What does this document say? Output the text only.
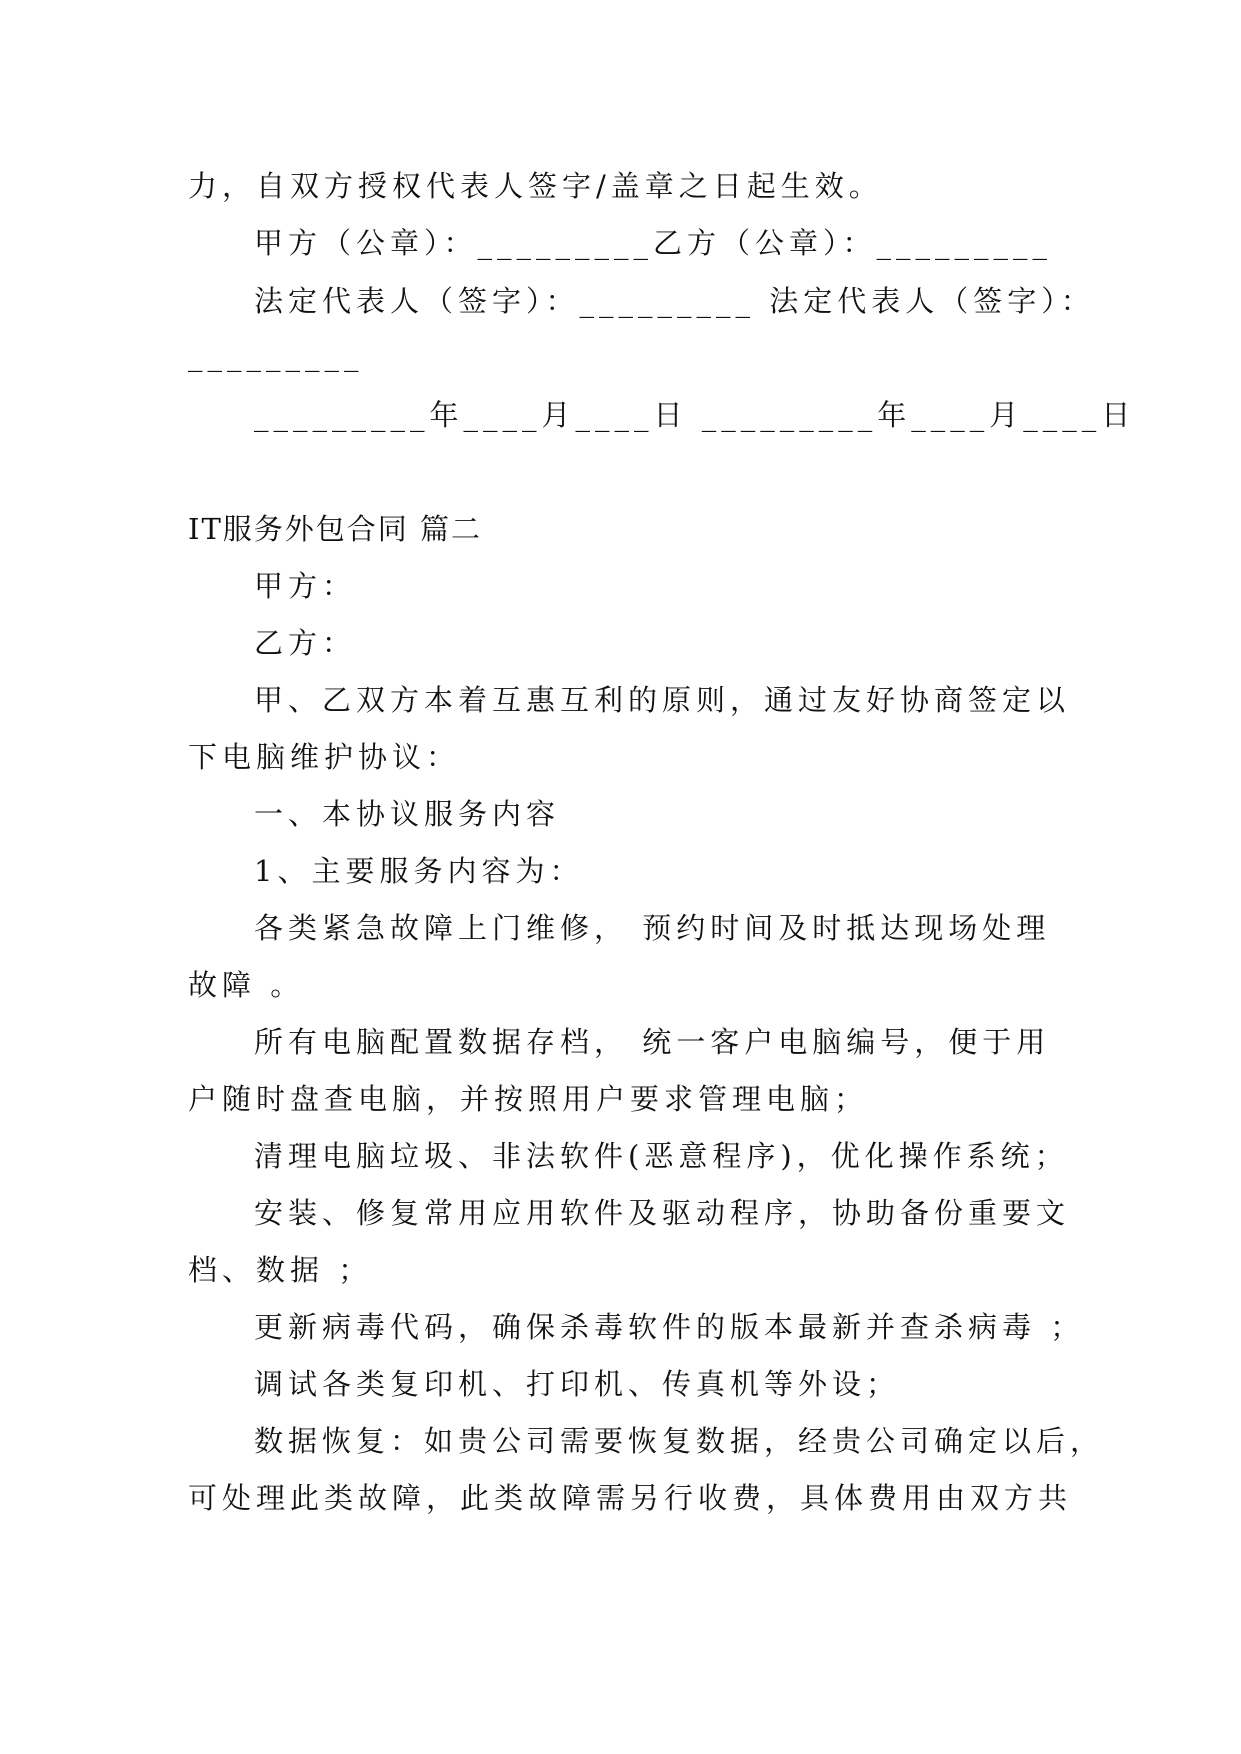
力，自双方授权代表人签字/盖章之日起生效。

甲方（公章）：_________乙方（公章）：_________

法定代表人（签字）：_________ 法定代表人（签字）：

_________

_________年____月____日 _________年____月____日

IT服务外包合同 篇二

甲方：

乙方：

甲、乙双方本着互惠互利的原则，通过友好协商签定以

下电脑维护协议：

一、本协议服务内容

1、主要服务内容为：

各类紧急故障上门维修， 预约时间及时抵达现场处理

故障 。

所有电脑配置数据存档， 统一客户电脑编号，便于用

户随时盘查电脑，并按照用户要求管理电脑；

清理电脑垃圾、非法软件(恶意程序)，优化操作系统；

安装、修复常用应用软件及驱动程序，协助备份重要文

档、数据 ；

更新病毒代码，确保杀毒软件的版本最新并查杀病毒 ；

调试各类复印机、打印机、传真机等外设；

数据恢复：如贵公司需要恢复数据，经贵公司确定以后，

可处理此类故障，此类故障需另行收费，具体费用由双方共
